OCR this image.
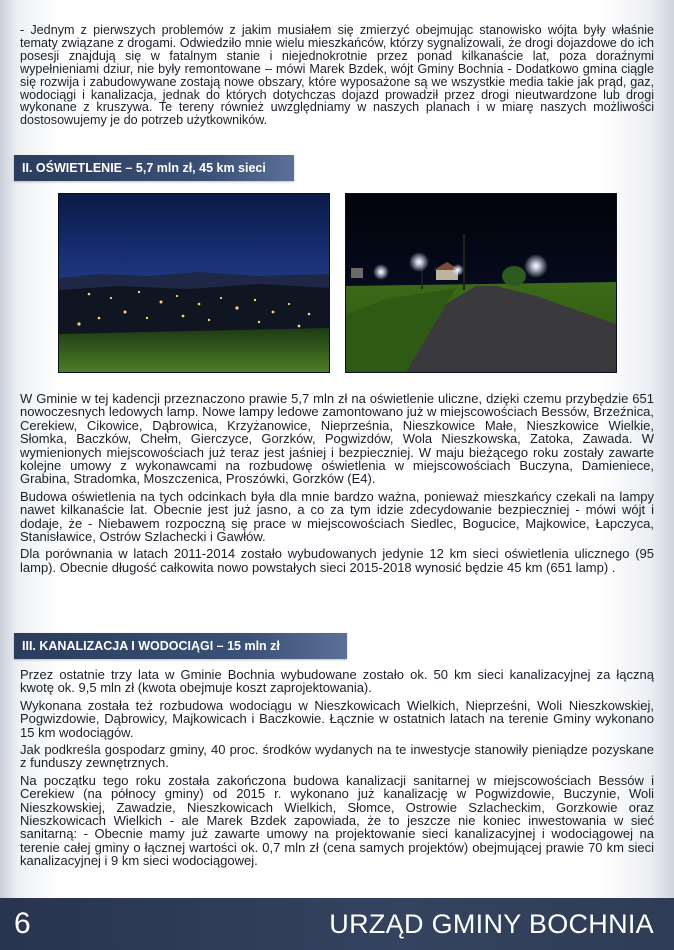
- Jednym z pierwszych problemów z jakim musiałem się zmierzyć obejmując stanowisko wójta były właśnie tematy związane z drogami. Odwiedziło mnie wielu mieszkańców, którzy sygnalizowali, że drogi dojazdowe do ich posesji znajdują się w fatalnym stanie i niejednokrotnie przez ponad kilkanaście lat, poza doraźnymi wypełnieniami dziur, nie były remontowane – mówi Marek Bzdek, wójt Gminy Bochnia - Dodatkowo gmina ciągle się rozwija i zabudowywane zostają nowe obszary, które wyposażone są we wszystkie media takie jak prąd, gaz, wodociągi i kanalizacja, jednak do których dotychczas dojazd prowadził przez drogi nieutwardzone lub drogi wykonane z kruszywa. Te tereny również uwzględniamy w naszych planach i w miarę naszych możliwości dostosowujemy je do potrzeb użytkowników.

II. OŚWIETLENIE – 5,7 mln zł, 45 km sieci

W Gminie w tej kadencji przeznaczono prawie 5,7 mln zł na oświetlenie uliczne, dzięki czemu przybędzie 651 nowoczesnych ledowych lamp. Nowe lampy ledowe zamontowano już w miejscowościach Bessów, Brzeźnica, Cerekiew, Cikowice, Dąbrowica, Krzyżanowice, Nieprześnia, Nieszkowice Małe, Nieszkowice Wielkie, Słomka, Baczków, Chełm, Gierczyce, Gorzków, Pogwizdów, Wola Nieszkowska, Zatoka, Zawada. W wymienionych miejscowościach już teraz jest jaśniej i bezpieczniej. W maju bieżącego roku zostały zawarte kolejne umowy z wykonawcami na rozbudowę oświetlenia w miejscowościach Buczyna, Damieniece, Grabina, Stradomka, Moszczenica, Proszówki, Gorzków (E4).

Budowa oświetlenia na tych odcinkach była dla mnie bardzo ważna, ponieważ mieszkańcy czekali na lampy nawet kilkanaście lat. Obecnie jest już jasno, a co za tym idzie zdecydowanie bezpieczniej - mówi wójt i dodaje, że - Niebawem rozpoczną się prace w miejscowościach Siedlec, Bogucice, Majkowice, Łapczyca, Stanisławice, Ostrów Szlachecki i Gawłów.

Dla porównania w latach 2011-2014 zostało wybudowanych jedynie 12 km sieci oświetlenia ulicznego (95 lamp). Obecnie długość całkowita nowo powstałych sieci 2015-2018 wynosić będzie 45 km (651 lamp) .

III. KANALIZACJA I WODOCIĄGI – 15 mln zł

Przez ostatnie trzy lata w Gminie Bochnia wybudowane zostało ok. 50 km sieci kanalizacyjnej za łączną kwotę ok. 9,5 mln zł (kwota obejmuje koszt zaprojektowania).

Wykonana została też rozbudowa wodociągu w Nieszkowicach Wielkich, Nieprześni, Woli Nieszkowskiej, Pogwizdowie, Dąbrowicy, Majkowicach i Baczkowie. Łącznie w ostatnich latach na terenie Gminy wykonano 15 km wodociągów.

Jak podkreśla gospodarz gminy, 40 proc. środków wydanych na te inwestycje stanowiły pieniądze pozyskane z funduszy zewnętrznych.

Na początku tego roku została zakończona budowa kanalizacji sanitarnej w miejscowościach Bessów i Cerekiew (na północy gminy) od 2015 r. wykonano już kanalizację w Pogwizdowie, Buczynie, Woli Nieszkowskiej, Zawadzie, Nieszkowicach Wielkich, Słomcе, Ostrowie Szlacheckim, Gorzkowie oraz Nieszkowicach Wielkich - ale Marek Bzdek zapowiada, że to jeszcze nie koniec inwestowania w sieć sanitarną: - Obecnie mamy już zawarte umowy na projektowanie sieci kanalizacyjnej i wodociągowej na terenie całej gminy o łącznej wartości ok. 0,7 mln zł (cena samych projektów) obejmującej prawie 70 km sieci kanalizacyjnej i 9 km sieci wodociągowej.

6	URZĄD GMINY BOCHNIA
